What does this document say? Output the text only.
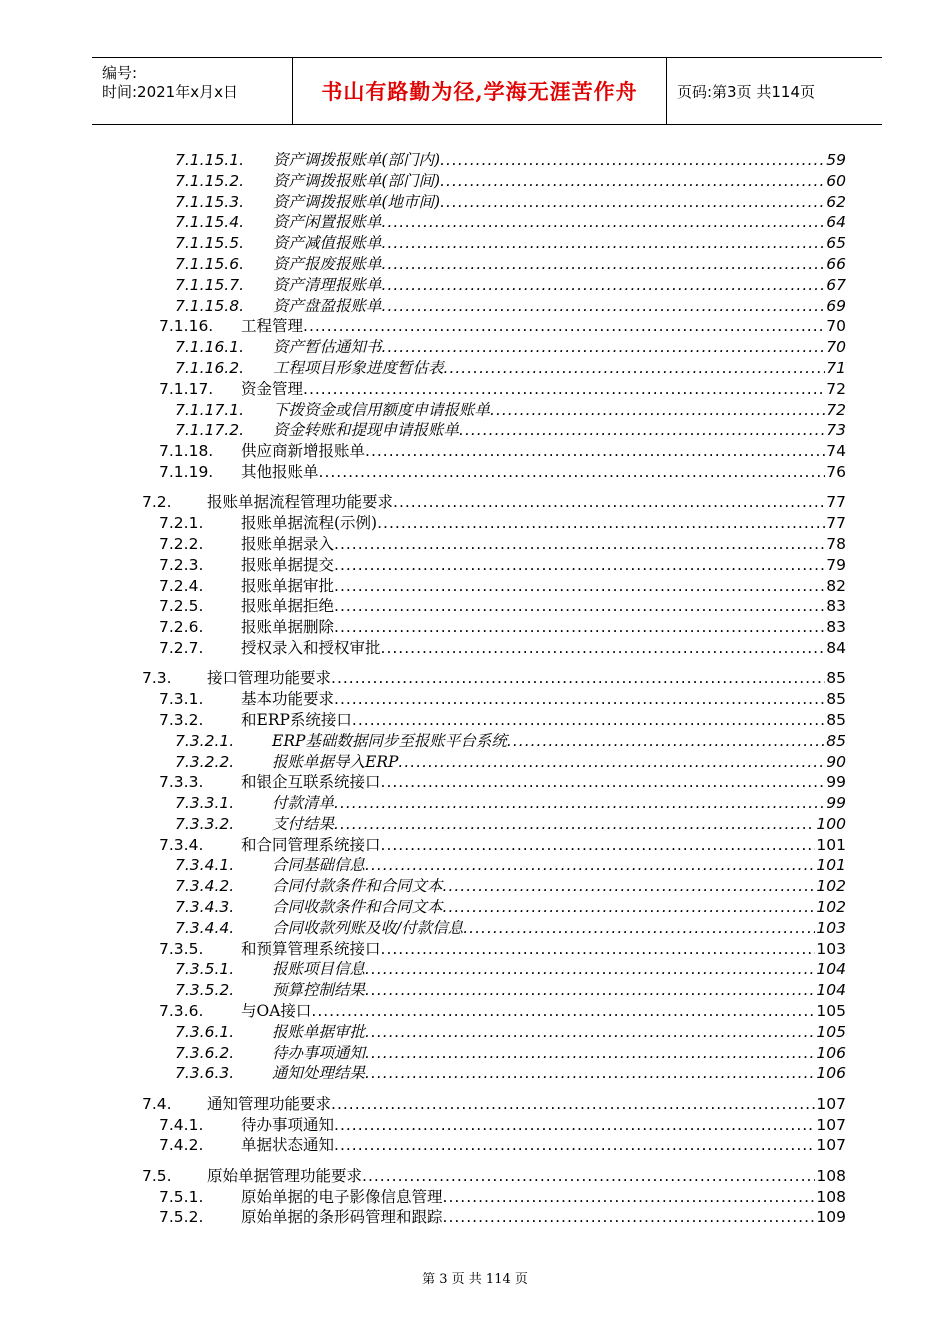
编号:
时间:2021年x月x日	书山有路勤为径,学海无涯苦作舟	页码:第3页 共114页
7.1.15.1.	资产调拨报账单(部门内) .....	59
7.1.15.2.	资产调拨报账单(部门间) .....	60
7.1.15.3.	资产调拨报账单(地市间) .....	62
7.1.15.4.	资产闲置报账单 .....	64
7.1.15.5.	资产减值报账单 .....	65
7.1.15.6.	资产报废报账单 .....	66
7.1.15.7.	资产清理报账单 .....	67
7.1.15.8.	资产盘盈报账单 .....	69
7.1.16.	工程管理 .....	70
7.1.16.1.	资产暂估通知书 .....	70
7.1.16.2.	工程项目形象进度暂估表 .....	71
7.1.17.	资金管理 .....	72
7.1.17.1.	下拨资金或信用额度申请报账单 .....	72
7.1.17.2.	资金转账和提现申请报账单 .....	73
7.1.18.	供应商新增报账单 .....	74
7.1.19.	其他报账单 .....	76
7.2.	报账单据流程管理功能要求 .....	77
7.2.1.	报账单据流程(示例) .....	77
7.2.2.	报账单据录入 .....	78
7.2.3.	报账单据提交 .....	79
7.2.4.	报账单据审批 .....	82
7.2.5.	报账单据拒绝 .....	83
7.2.6.	报账单据删除 .....	83
7.2.7.	授权录入和授权审批 .....	84
7.3.	接口管理功能要求 .....	85
7.3.1.	基本功能要求 .....	85
7.3.2.	和ERP系统接口 .....	85
7.3.2.1.	ERP基础数据同步至报账平台系统 .....	85
7.3.2.2.	报账单据导入ERP .....	90
7.3.3.	和银企互联系统接口 .....	99
7.3.3.1.	付款清单 .....	99
7.3.3.2.	支付结果 .....	100
7.3.4.	和合同管理系统接口 .....	101
7.3.4.1.	合同基础信息 .....	101
7.3.4.2.	合同付款条件和合同文本 .....	102
7.3.4.3.	合同收款条件和合同文本 .....	102
7.3.4.4.	合同收款列账及收/付款信息 .....	103
7.3.5.	和预算管理系统接口 .....	103
7.3.5.1.	报账项目信息 .....	104
7.3.5.2.	预算控制结果 .....	104
7.3.6.	与OA接口 .....	105
7.3.6.1.	报账单据审批 .....	105
7.3.6.2.	待办事项通知 .....	106
7.3.6.3.	通知处理结果 .....	106
7.4.	通知管理功能要求 .....	107
7.4.1.	待办事项通知 .....	107
7.4.2.	单据状态通知 .....	107
7.5.	原始单据管理功能要求 .....	108
7.5.1.	原始单据的电子影像信息管理 .....	108
7.5.2.	原始单据的条形码管理和跟踪 .....	109
第 3 页 共 114 页
